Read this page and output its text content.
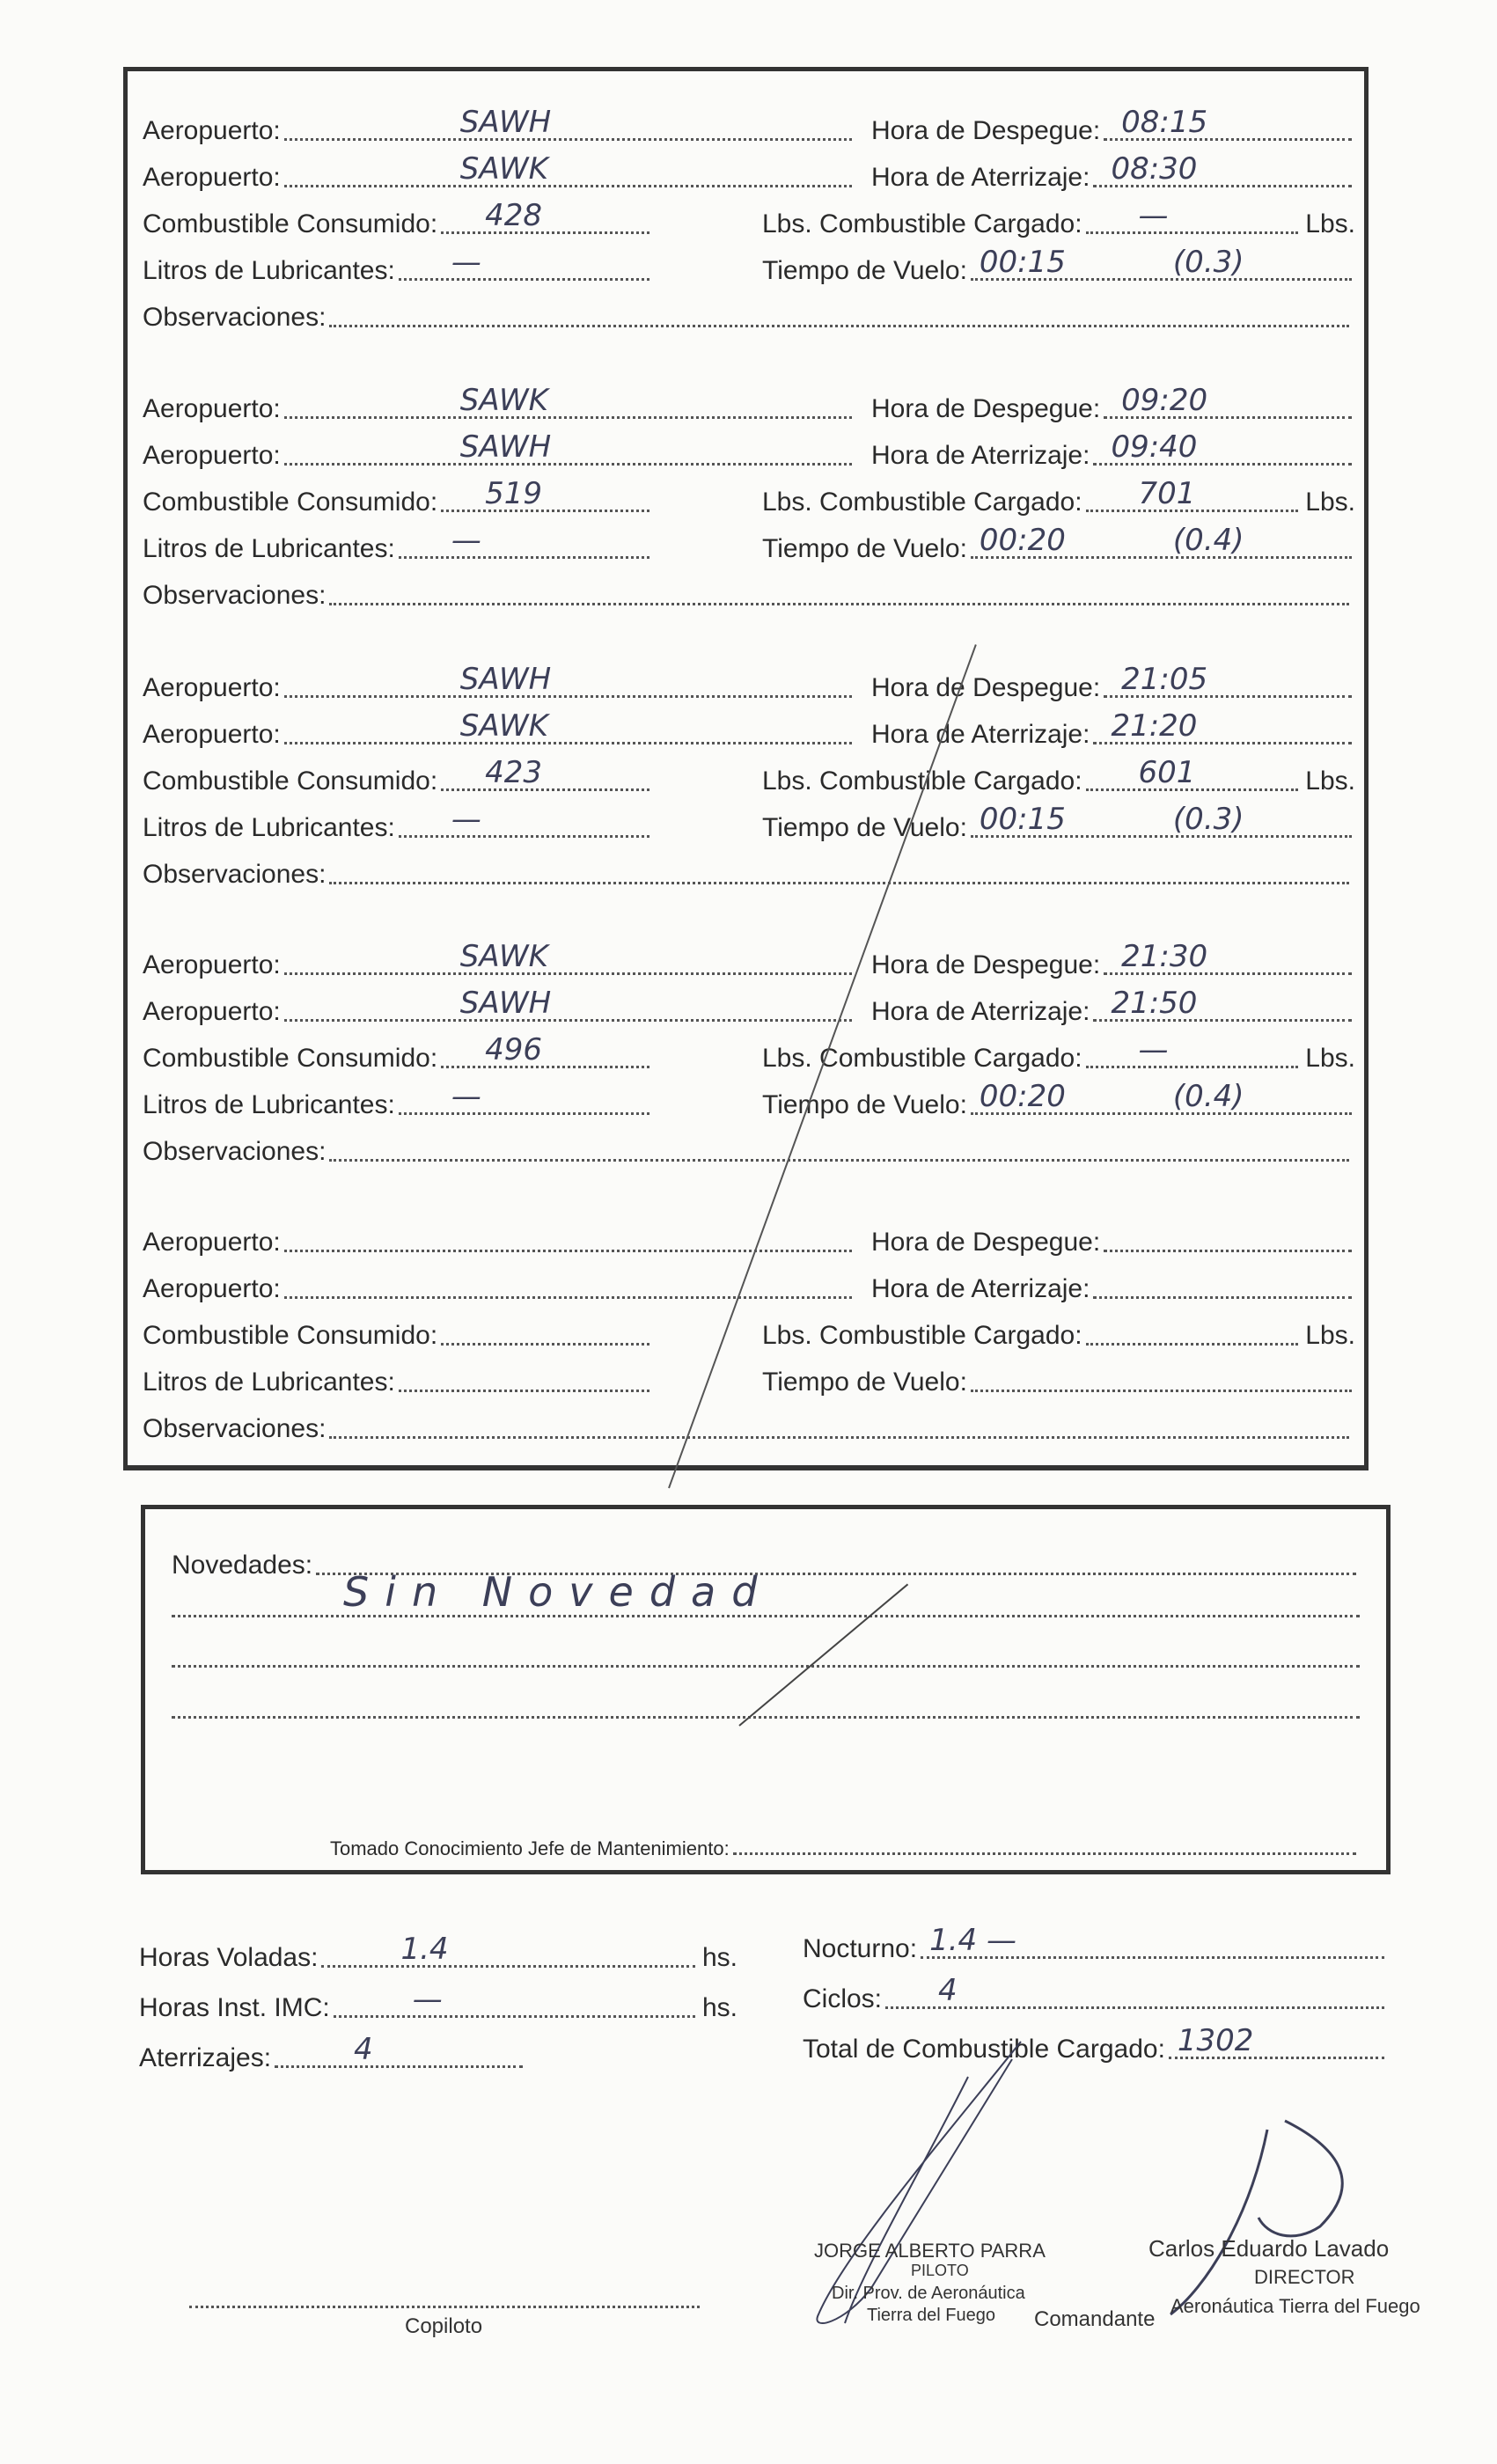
Aeropuerto:	SAWH
Aeropuerto:	SAWK
Combustible Consumido: 428
Litros de Lubricantes: —
Observaciones:
Hora de Despegue: 08:15
Hora de Aterrizaje: 08:30
Lbs. Combustible Cargado: —	Lbs.
Tiempo de Vuelo: 00:15	(0.3)
Aeropuerto:	SAWK
Aeropuerto:	SAWH
Combustible Consumido: 519
Litros de Lubricantes: —
Observaciones:
Hora de Despegue: 09:20
Hora de Aterrizaje: 09:40
Lbs. Combustible Cargado: 701	Lbs.
Tiempo de Vuelo: 00:20	(0.4)
Aeropuerto:	SAWH
Aeropuerto:	SAWK
Combustible Consumido: 423
Litros de Lubricantes: —
Observaciones:
Hora de Despegue: 21:05
Hora de Aterrizaje: 21:20
Lbs. Combustible Cargado: 601	Lbs.
Tiempo de Vuelo: 00:15	(0.3)
Aeropuerto:	SAWK
Aeropuerto:	SAWH
Combustible Consumido: 496
Litros de Lubricantes: —
Observaciones:
Hora de Despegue: 21:30
Hora de Aterrizaje: 21:50
Lbs. Combustible Cargado: —	Lbs.
Tiempo de Vuelo: 00:20	(0.4)
Aeropuerto:
Aeropuerto:
Combustible Consumido:
Litros de Lubricantes:
Observaciones:
Hora de Despegue:
Hora de Aterrizaje:
Lbs. Combustible Cargado:	Lbs.
Tiempo de Vuelo:
Novedades:
Sin Novedad
Tomado Conocimiento Jefe de Mantenimiento:
Horas Voladas:	1.4	hs.
Horas Inst. IMC:	—	hs.
Aterrizajes:	4
Nocturno: 1.4 —
Ciclos: 4
Total de Combustible Cargado: 1302
Copiloto
JORGE ALBERTO PARRA
PILOTO
Dir. Prov. de Aeronáutica
Tierra del Fuego Comandante
Carlos Eduardo Lavado
DIRECTOR
Aeronáutica Tierra del Fuego
